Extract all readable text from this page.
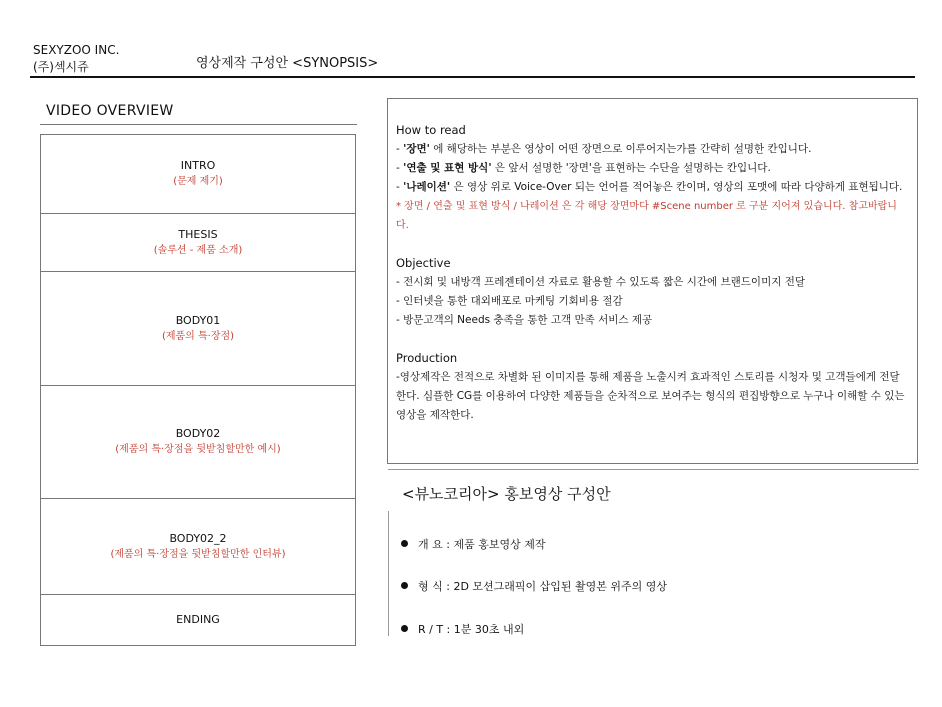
SEXYZOO INC.
(주)섹시쥬	영상제작 구성안 <SYNOPSIS>
VIDEO OVERVIEW
INTRO
(문제 제기)
THESIS
(솔루션 - 제품 소개)
BODY01
(제품의 특·장점)
BODY02
(제품의 특·장점을 뒷받침할만한 예시)
BODY02_2
(제품의 특·장점을 뒷받침할만한 인터뷰)
ENDING
How to read
- '장면' 에 해당하는 부분은 영상이 어떤 장면으로 이루어지는가를 간략히 설명한 칸입니다.
- '연출 및 표현 방식' 은 앞서 설명한 '장면'을 표현하는 수단을 설명하는 칸입니다.
- '나레이션' 은 영상 위로 Voice-Over 되는 언어를 적어놓은 칸이며, 영상의 포맷에 따라 다양하게 표현됩니다.
* 장면 / 연출 및 표현 방식 / 나레이션 은 각 해당 장면마다 #Scene number 로 구분 지어져 있습니다. 참고바랍니다.
Objective
- 전시회 및 내방객 프레젠테이션 자료로 활용할 수 있도록 짧은 시간에 브랜드이미지 전달
- 인터넷을 통한 대외배포로 마케팅 기회비용 절감
- 방문고객의 Needs 충족을 통한 고객 만족 서비스 제공
Production
-영상제작은 전적으로 차별화 된 이미지를 통해 제품을 노출시켜 효과적인 스토리를 시청자 및 고객들에게 전달한다. 심플한 CG를 이용하여 다양한 제품들을 순차적으로 보여주는 형식의 편집방향으로 누구나 이해할 수 있는 영상을 제작한다.
<뷰노코리아> 홍보영상 구성안
개 요 : 제품 홍보영상 제작
형 식 : 2D 모션그래픽이 삽입된 촬영본 위주의 영상
R / T : 1분 30초 내외
